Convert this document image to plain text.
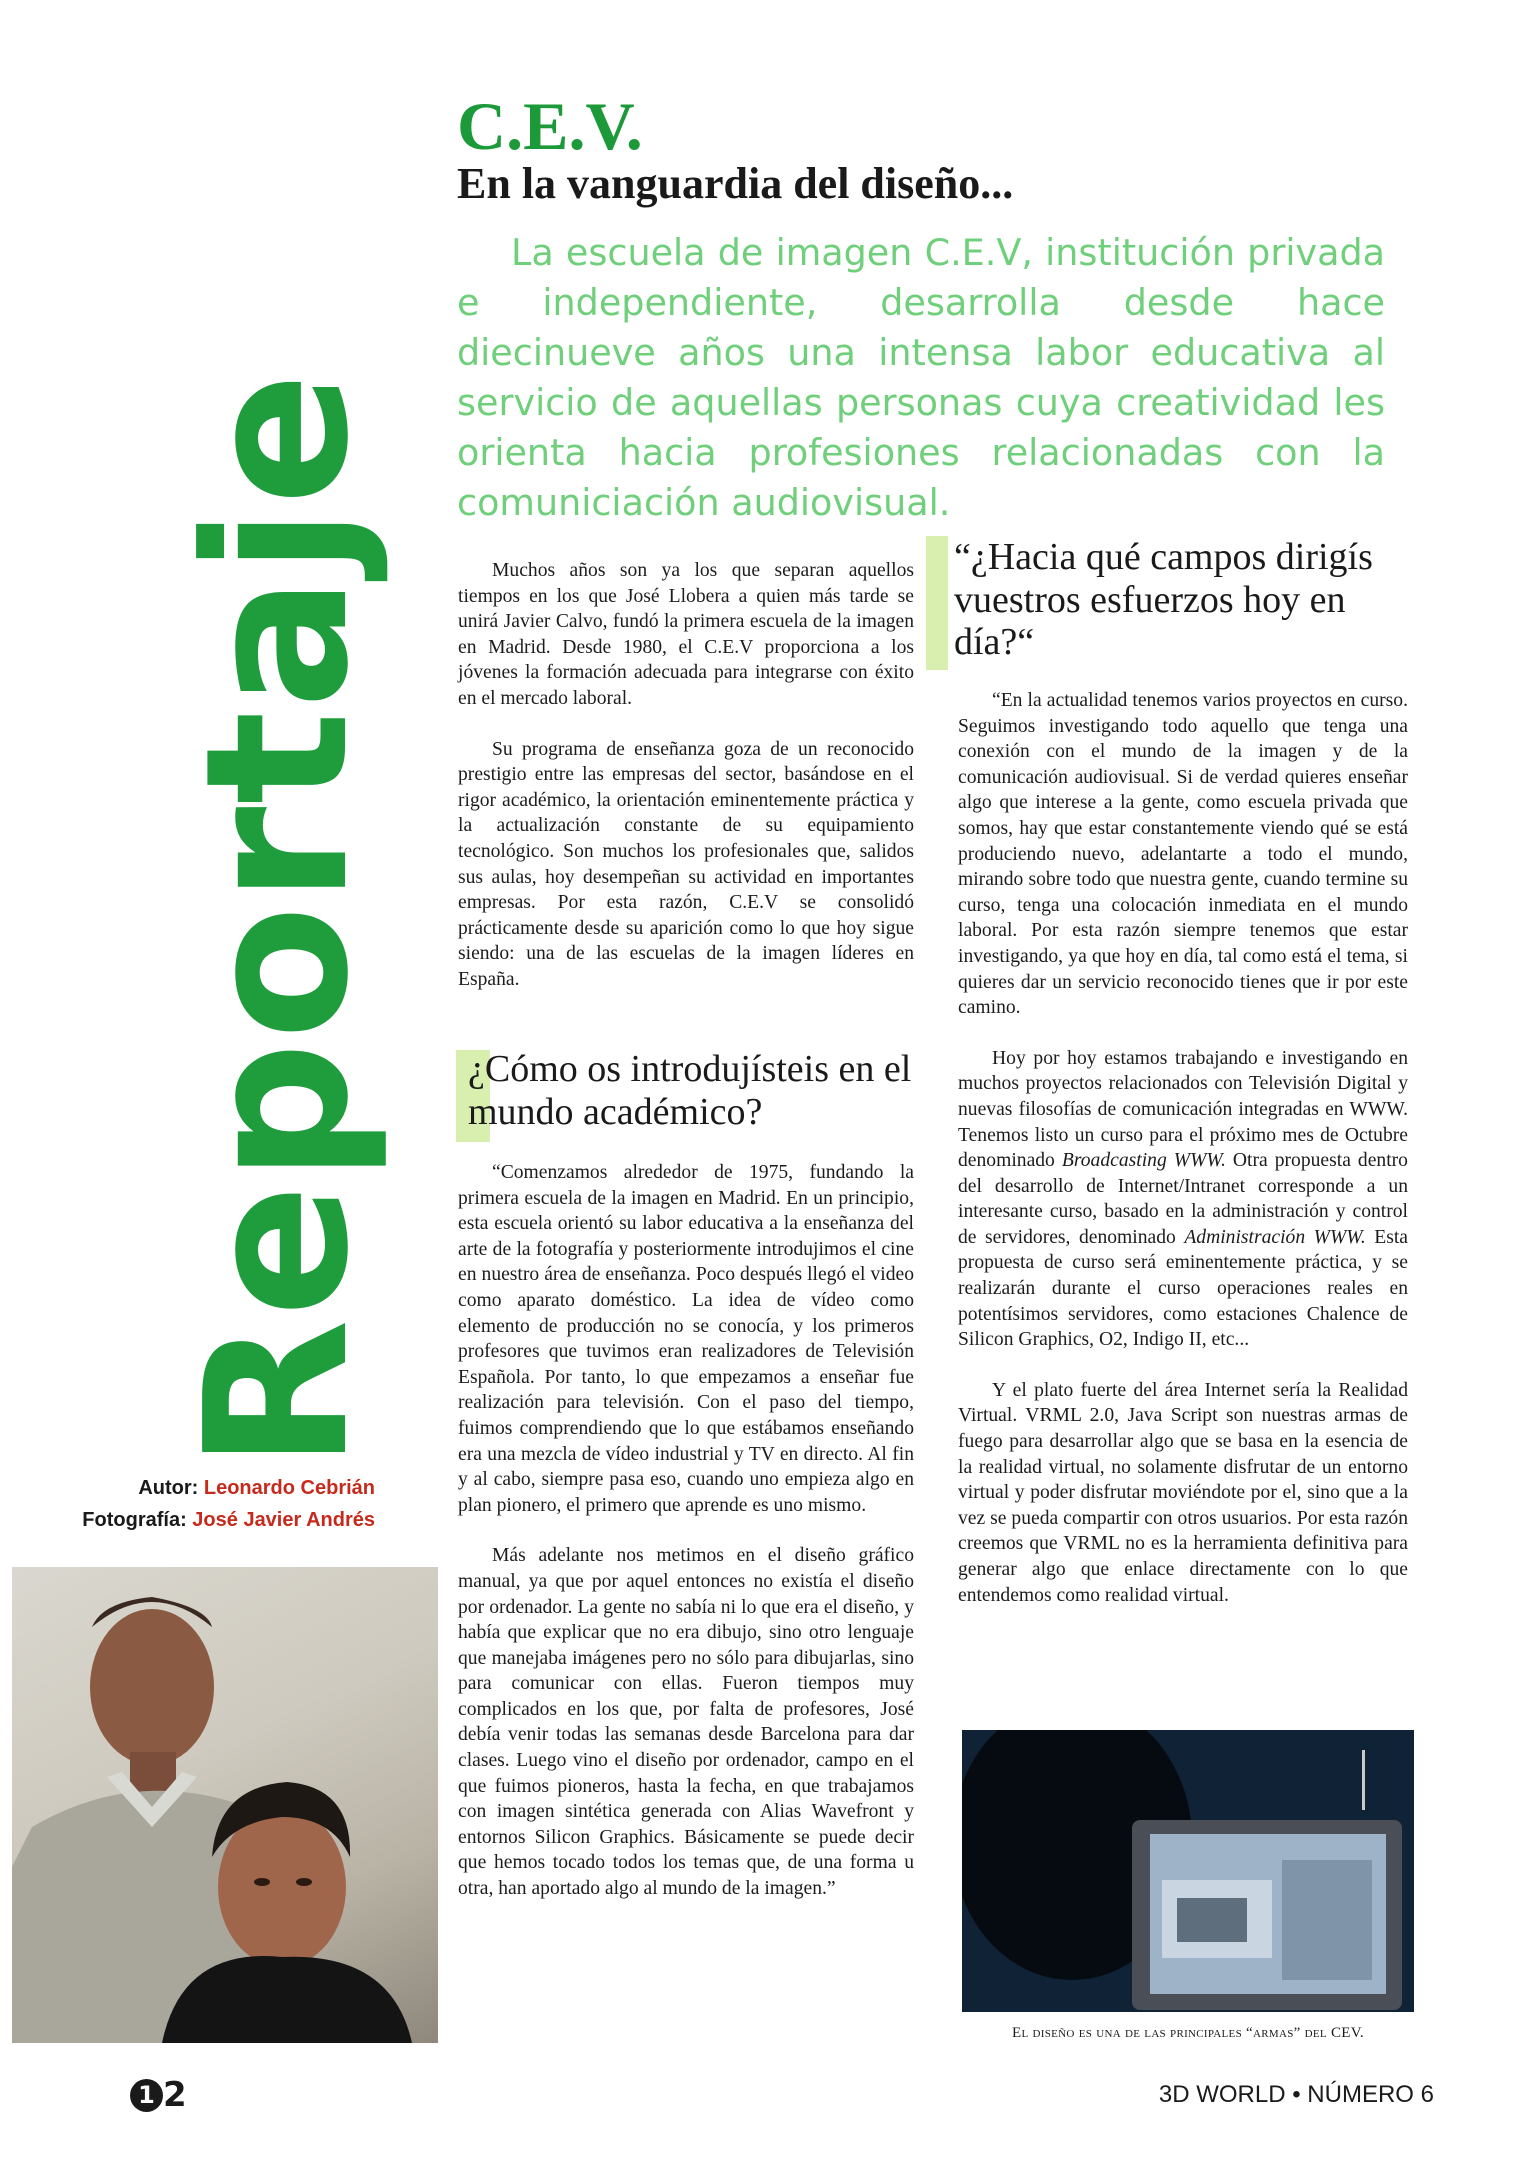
Reportaje
Autor: Leonardo Cebrián
Fotografía: José Javier Andrés
C.E.V.
En la vanguardia del diseño...

La escuela de imagen C.E.V, institución privada e independiente, desarrolla desde hace diecinueve años una intensa labor educativa al servicio de aquellas personas cuya creatividad les orienta hacia profesiones relacionadas con la comuniciación audiovisual.

Muchos años son ya los que separan aquellos tiempos en los que José Llobera a quien más tarde se unirá Javier Calvo, fundó la primera escuela de la imagen en Madrid. Desde 1980, el C.E.V proporciona a los jóvenes la formación adecuada para integrarse con éxito en el mercado laboral.

Su programa de enseñanza goza de un reconocido prestigio entre las empresas del sector, basándose en el rigor académico, la orientación eminentemente práctica y la actualización constante de su equipamiento tecnológico. Son muchos los profesionales que, salidos sus aulas, hoy desempeñan su actividad en importantes empresas. Por esta razón, C.E.V se consolidó prácticamente desde su aparición como lo que hoy sigue siendo: una de las escuelas de la imagen líderes en España.

¿Cómo os introdujísteis en el mundo académico?

“Comenzamos alrededor de 1975, fundando la primera escuela de la imagen en Madrid. En un principio, esta escuela orientó su labor educativa a la enseñanza del arte de la fotografía y posteriormente introdujimos el cine en nuestro área de enseñanza. Poco después llegó el video como aparato doméstico. La idea de vídeo como elemento de producción no se conocía, y los primeros profesores que tuvimos eran realizadores de Televisión Española. Por tanto, lo que empezamos a enseñar fue realización para televisión. Con el paso del tiempo, fuimos comprendiendo que lo que estábamos enseñando era una mezcla de vídeo industrial y TV en directo. Al fin y al cabo, siempre pasa eso, cuando uno empieza algo en plan pionero, el primero que aprende es uno mismo.

Más adelante nos metimos en el diseño gráfico manual, ya que por aquel entonces no existía el diseño por ordenador. La gente no sabía ni lo que era el diseño, y había que explicar que no era dibujo, sino otro lenguaje que manejaba imágenes pero no sólo para dibujarlas, sino para comunicar con ellas. Fueron tiempos muy complicados en los que, por falta de profesores, José debía venir todas las semanas desde Barcelona para dar clases. Luego vino el diseño por ordenador, campo en el que fuimos pioneros, hasta la fecha, en que trabajamos con imagen sintética generada con Alias Wavefront y entornos Silicon Graphics. Básicamente se puede decir que hemos tocado todos los temas que, de una forma u otra, han aportado algo al mundo de la imagen.”

“¿Hacia qué campos dirigís vuestros esfuerzos hoy en día?“

“En la actualidad tenemos varios proyectos en curso. Seguimos investigando todo aquello que tenga una conexión con el mundo de la imagen y de la comunicación audiovisual. Si de verdad quieres enseñar algo que interese a la gente, como escuela privada que somos, hay que estar constantemente viendo qué se está produciendo nuevo, adelantarte a todo el mundo, mirando sobre todo que nuestra gente, cuando termine su curso, tenga una colocación inmediata en el mundo laboral. Por esta razón siempre tenemos que estar investigando, ya que hoy en día, tal como está el tema, si quieres dar un servicio reconocido tienes que ir por este camino.

Hoy por hoy estamos trabajando e investigando en muchos proyectos relacionados con Televisión Digital y nuevas filosofías de comunicación integradas en WWW. Tenemos listo un curso para el próximo mes de Octubre denominado Broadcasting WWW. Otra propuesta dentro del desarrollo de Internet/Intranet corresponde a un interesante curso, basado en la administración y control de servidores, denominado Administración WWW. Esta propuesta de curso será eminentemente práctica, y se realizarán durante el curso operaciones reales en potentísimos servidores, como estaciones Chalence de Silicon Graphics, O2, Indigo II, etc...

Y el plato fuerte del área Internet sería la Realidad Virtual. VRML 2.0, Java Script son nuestras armas de fuego para desarrollar algo que se basa en la esencia de la realidad virtual, no solamente disfrutar de un entorno virtual y poder disfrutar moviéndote por el, sino que a la vez se pueda compartir con otros usuarios. Por esta razón creemos que VRML no es la herramienta definitiva para generar algo que enlace directamente con lo que entendemos como realidad virtual.

El diseño es una de las principales “armas” del CEV.

1 2	3D WORLD • NÚMERO 6
